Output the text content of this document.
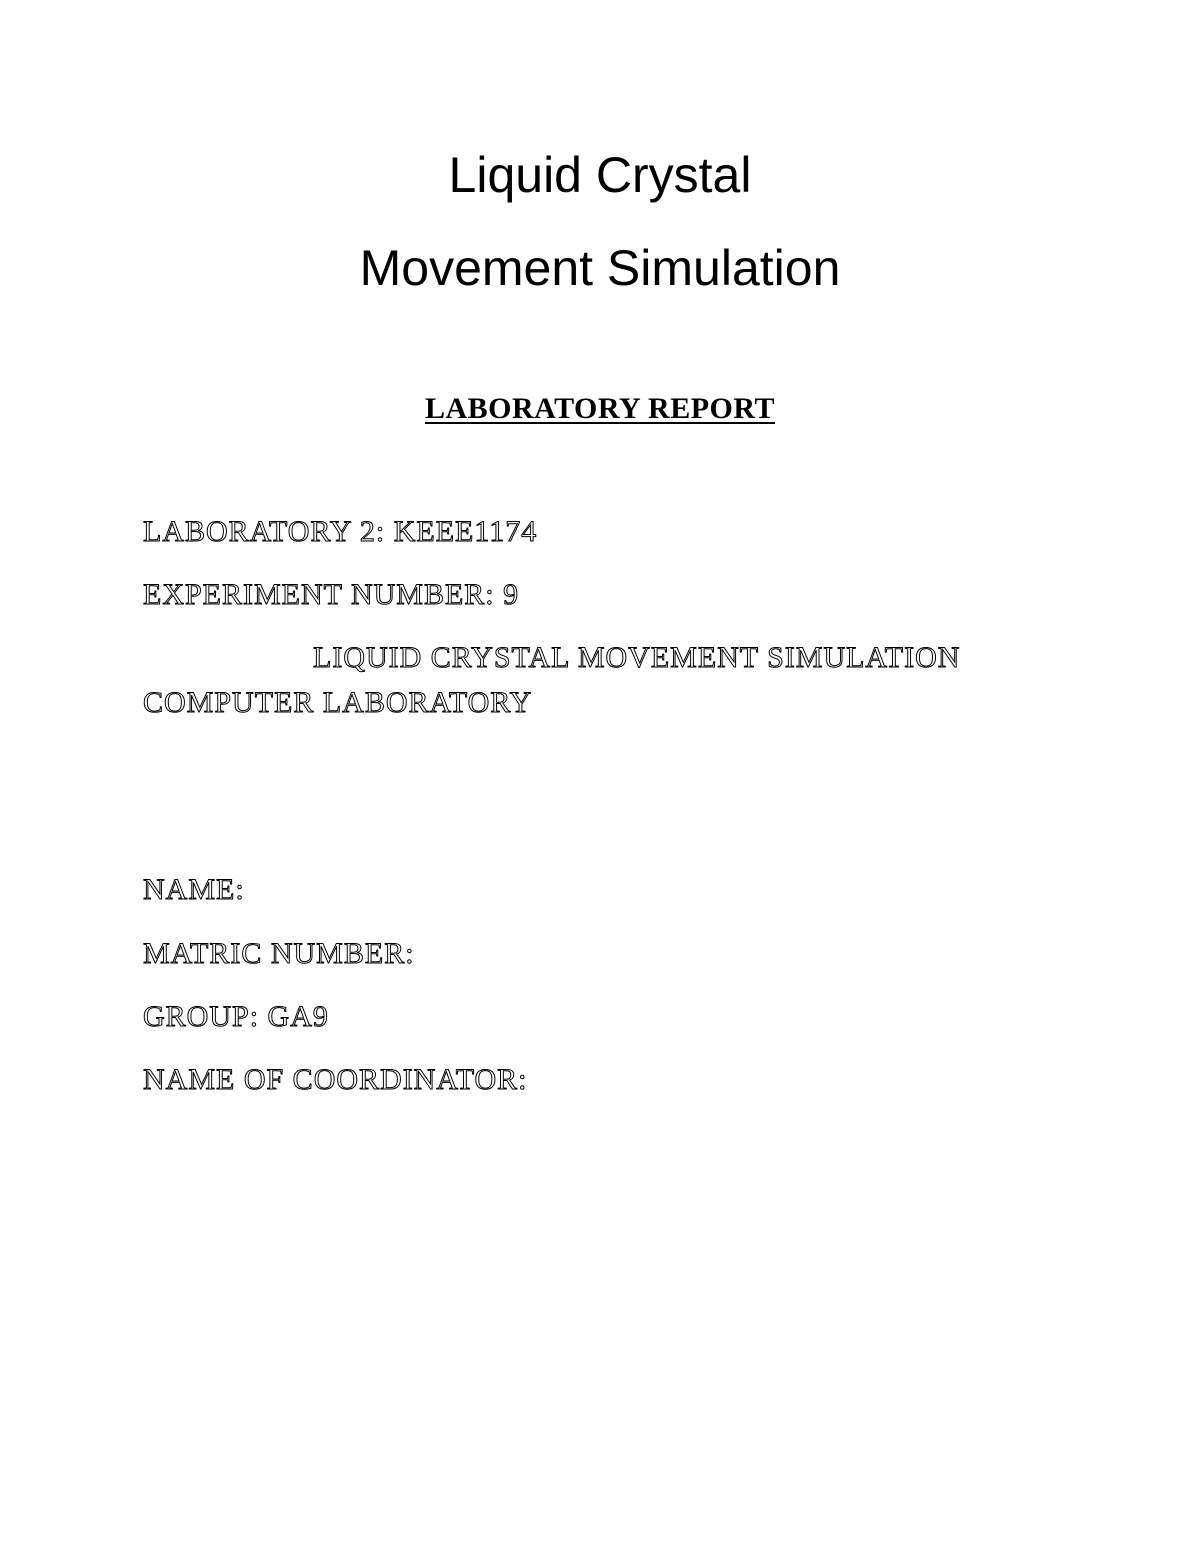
Liquid Crystal
Movement Simulation
LABORATORY REPORT
LABORATORY 2: KEEE1174
EXPERIMENT NUMBER: 9
LIQUID CRYSTAL MOVEMENT SIMULATION
COMPUTER LABORATORY
NAME:
MATRIC NUMBER:
GROUP: GA9
NAME OF COORDINATOR:
